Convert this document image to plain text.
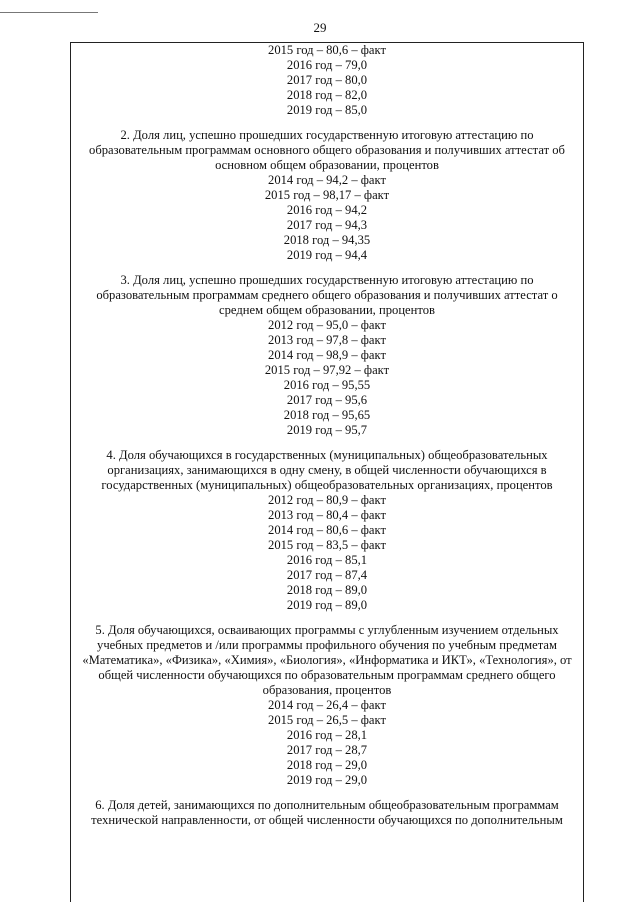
29
2015 год – 80,6 – факт
2016 год – 79,0
2017 год – 80,0
2018 год – 82,0
2019 год – 85,0
2. Доля лиц, успешно прошедших государственную итоговую аттестацию по образовательным программам основного общего образования и получивших аттестат об основном общем образовании, процентов
2014 год – 94,2 – факт
2015 год – 98,17 – факт
2016 год – 94,2
2017 год – 94,3
2018 год – 94,35
2019 год – 94,4
3. Доля лиц, успешно прошедших государственную итоговую аттестацию по образовательным программам среднего общего образования и получивших аттестат о среднем общем образовании, процентов
2012 год – 95,0 – факт
2013 год – 97,8 – факт
2014 год – 98,9 – факт
2015 год – 97,92 – факт
2016 год – 95,55
2017 год – 95,6
2018 год – 95,65
2019 год – 95,7
4. Доля обучающихся в государственных (муниципальных) общеобразовательных организациях, занимающихся в одну смену, в общей численности обучающихся в государственных (муниципальных) общеобразовательных организациях, процентов
2012 год – 80,9 – факт
2013 год – 80,4 – факт
2014 год – 80,6 – факт
2015 год – 83,5 – факт
2016 год – 85,1
2017 год – 87,4
2018 год – 89,0
2019 год – 89,0
5. Доля обучающихся, осваивающих программы с углубленным изучением отдельных учебных предметов и /или программы профильного обучения по учебным предметам «Математика», «Физика», «Химия», «Биология», «Информатика и ИКТ», «Технология», от общей численности обучающихся по образовательным программам среднего общего образования, процентов
2014 год – 26,4 – факт
2015 год – 26,5 – факт
2016 год – 28,1
2017 год – 28,7
2018 год – 29,0
2019 год – 29,0
6. Доля детей, занимающихся по дополнительным общеобразовательным программам технической направленности, от общей численности обучающихся по дополнительным
